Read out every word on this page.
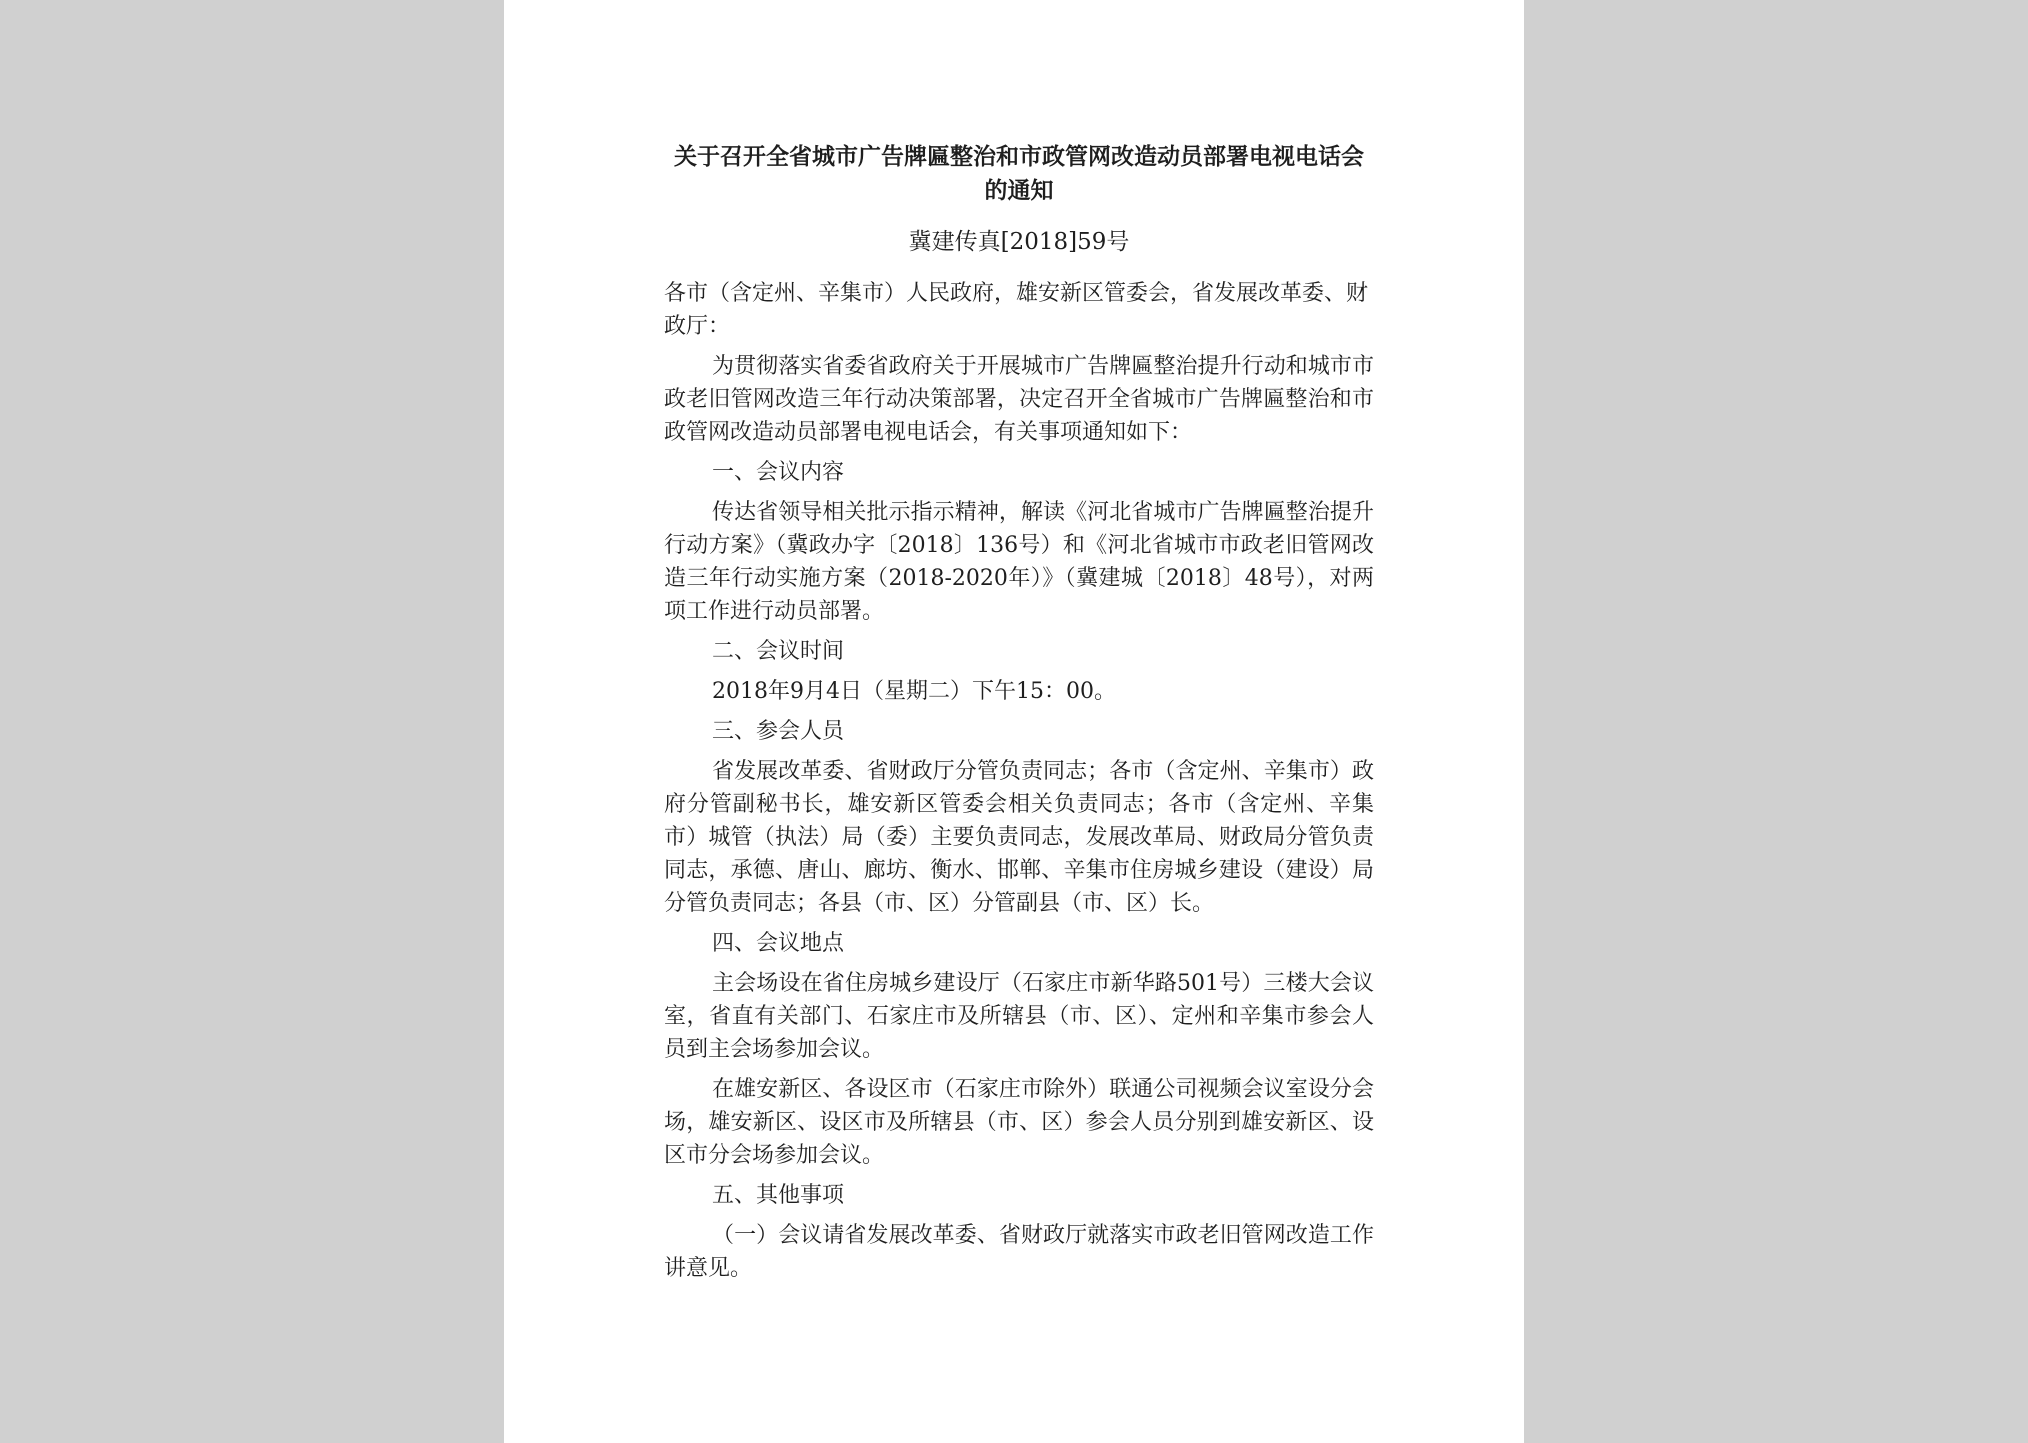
关于召开全省城市广告牌匾整治和市政管网改造动员部署电视电话会的通知
冀建传真[2018]59号

各市（含定州、辛集市）人民政府，雄安新区管委会，省发展改革委、财政厅：

为贯彻落实省委省政府关于开展城市广告牌匾整治提升行动和城市市政老旧管网改造三年行动决策部署，决定召开全省城市广告牌匾整治和市政管网改造动员部署电视电话会，有关事项通知如下：

一、会议内容

传达省领导相关批示指示精神，解读《河北省城市广告牌匾整治提升行动方案》（冀政办字〔2018〕136号）和《河北省城市市政老旧管网改造三年行动实施方案（2018-2020年）》（冀建城〔2018〕48号），对两项工作进行动员部署。

二、会议时间

2018年9月4日（星期二）下午15：00。

三、参会人员

省发展改革委、省财政厅分管负责同志；各市（含定州、辛集市）政府分管副秘书长，雄安新区管委会相关负责同志；各市（含定州、辛集市）城管（执法）局（委）主要负责同志，发展改革局、财政局分管负责同志，承德、唐山、廊坊、衡水、邯郸、辛集市住房城乡建设（建设）局分管负责同志；各县（市、区）分管副县（市、区）长。

四、会议地点

主会场设在省住房城乡建设厅（石家庄市新华路501号）三楼大会议室，省直有关部门、石家庄市及所辖县（市、区）、定州和辛集市参会人员到主会场参加会议。

在雄安新区、各设区市（石家庄市除外）联通公司视频会议室设分会场，雄安新区、设区市及所辖县（市、区）参会人员分别到雄安新区、设区市分会场参加会议。

五、其他事项

（一）会议请省发展改革委、省财政厅就落实市政老旧管网改造工作讲意见。
